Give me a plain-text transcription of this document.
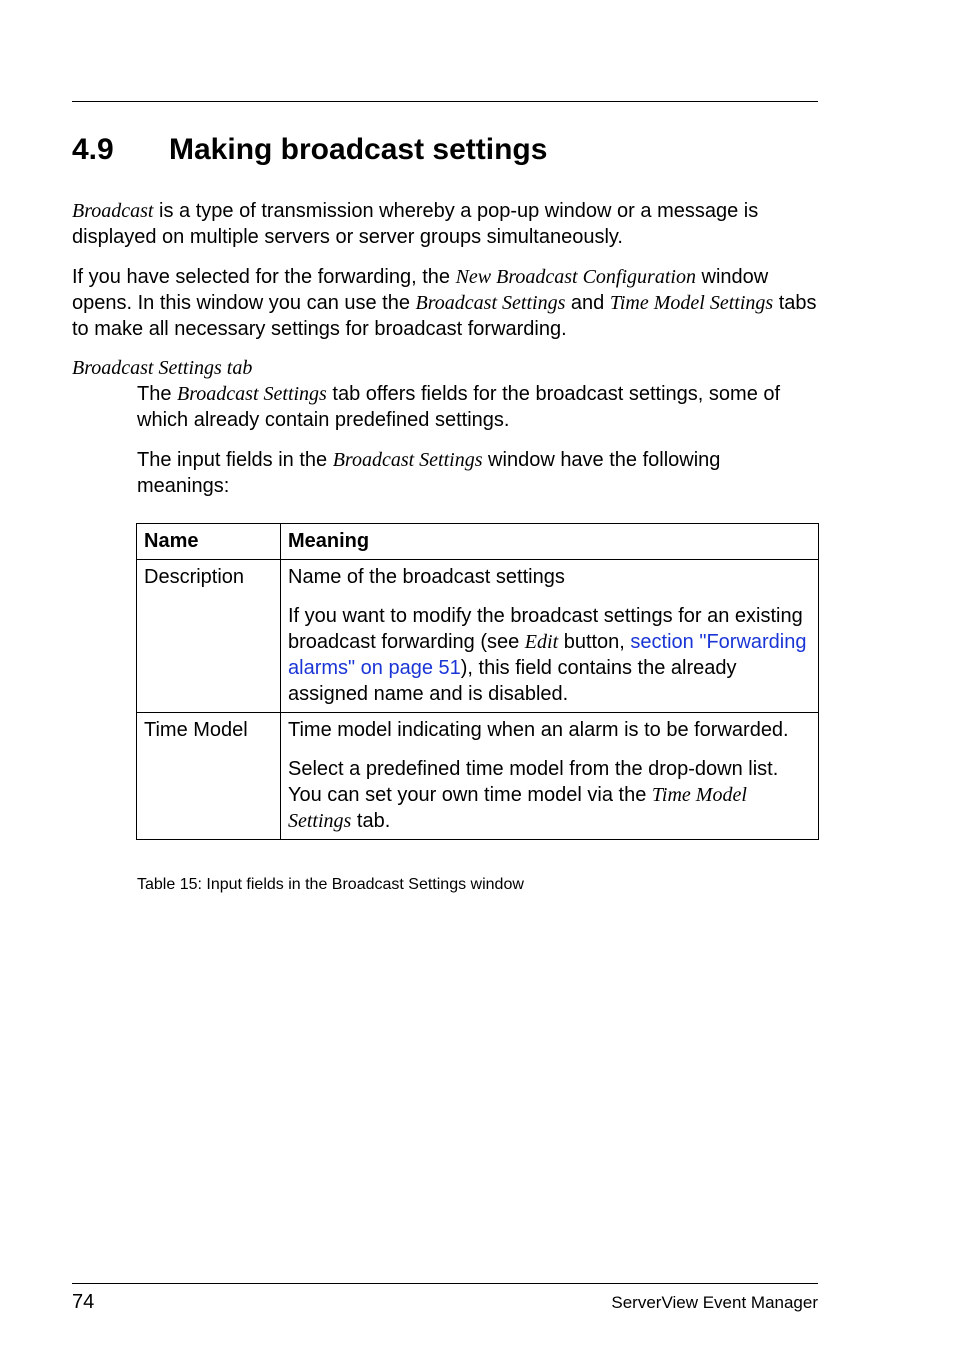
4.9 Making broadcast settings
Broadcast is a type of transmission whereby a pop-up window or a message is displayed on multiple servers or server groups simultaneously.
If you have selected for the forwarding, the New Broadcast Configuration window opens. In this window you can use the Broadcast Settings and Time Model Settings tabs to make all necessary settings for broadcast forwarding.
Broadcast Settings tab
The Broadcast Settings tab offers fields for the broadcast settings, some of which already contain predefined settings.
The input fields in the Broadcast Settings window have the following meanings:
Name	Meaning
Description	Name of the broadcast settings

If you want to modify the broadcast settings for an existing broadcast forwarding (see Edit button, section "Forwarding alarms" on page 51), this field contains the already assigned name and is disabled.

Time Model	Time model indicating when an alarm is to be forwarded.

Select a predefined time model from the drop-down list. You can set your own time model via the Time Model Settings tab.

Table 15: Input fields in the Broadcast Settings window
74	ServerView Event Manager
